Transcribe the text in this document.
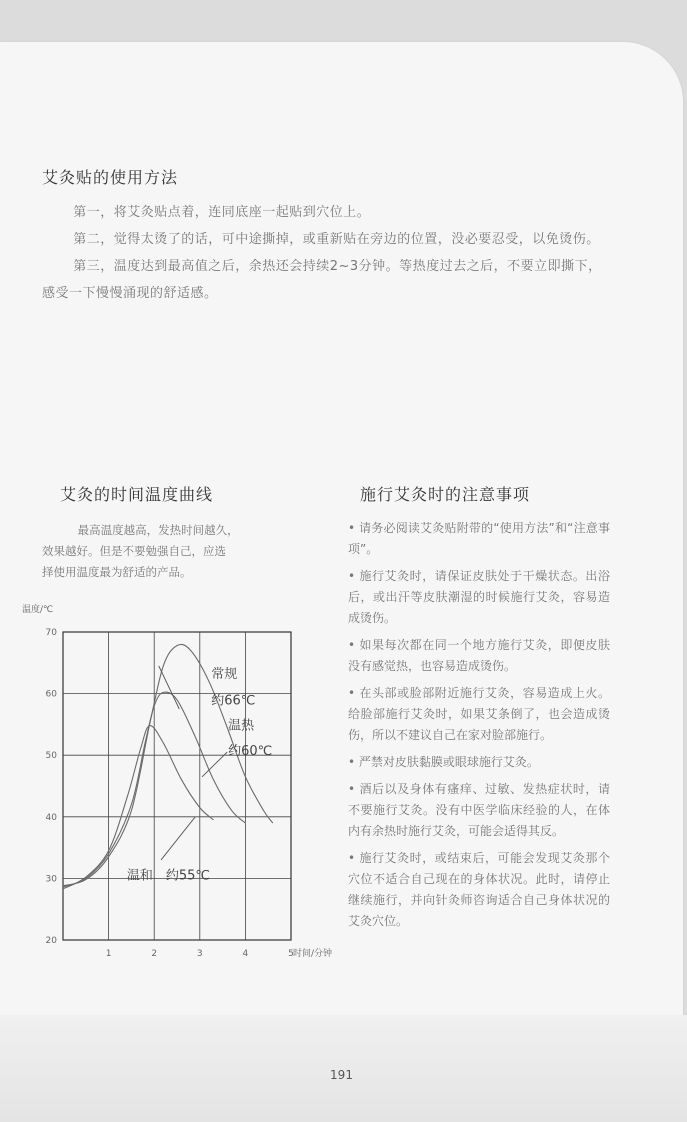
艾灸贴的使用方法

第一，将艾灸贴点着，连同底座一起贴到穴位上。

第二，觉得太烫了的话，可中途撕掉，或重新贴在旁边的位置，没必要忍受，以免烫伤。

第三，温度达到最高值之后，余热还会持续2~3分钟。等热度过去之后，不要立即撕下，感受一下慢慢涌现的舒适感。

艾灸的时间温度曲线
最高温度越高，发热时间越久，
效果越好。但是不要勉强自己，应选
择使用温度最为舒适的产品。
温度/℃
20
30
40
50
60
70
1	2	3	4	5 时间/分钟
常规
约66℃
温热
约60℃
温和　约55℃
施行艾灸时的注意事项

• 请务必阅读艾灸贴附带的“使用方法”和“注意事项”。

• 施行艾灸时，请保证皮肤处于干燥状态。出浴后，或出汗等皮肤潮湿的时候施行艾灸，容易造成烫伤。

• 如果每次都在同一个地方施行艾灸，即便皮肤没有感觉热，也容易造成烫伤。

• 在头部或脸部附近施行艾灸，容易造成上火。给脸部施行艾灸时，如果艾条倒了，也会造成烫伤，所以不建议自己在家对脸部施行。

• 严禁对皮肤黏膜或眼球施行艾灸。

• 酒后以及身体有瘙痒、过敏、发热症状时，请不要施行艾灸。没有中医学临床经验的人，在体内有余热时施行艾灸，可能会适得其反。

• 施行艾灸时，或结束后，可能会发现艾灸那个穴位不适合自己现在的身体状况。此时，请停止继续施行，并向针灸师咨询适合自己身体状况的艾灸穴位。

191
